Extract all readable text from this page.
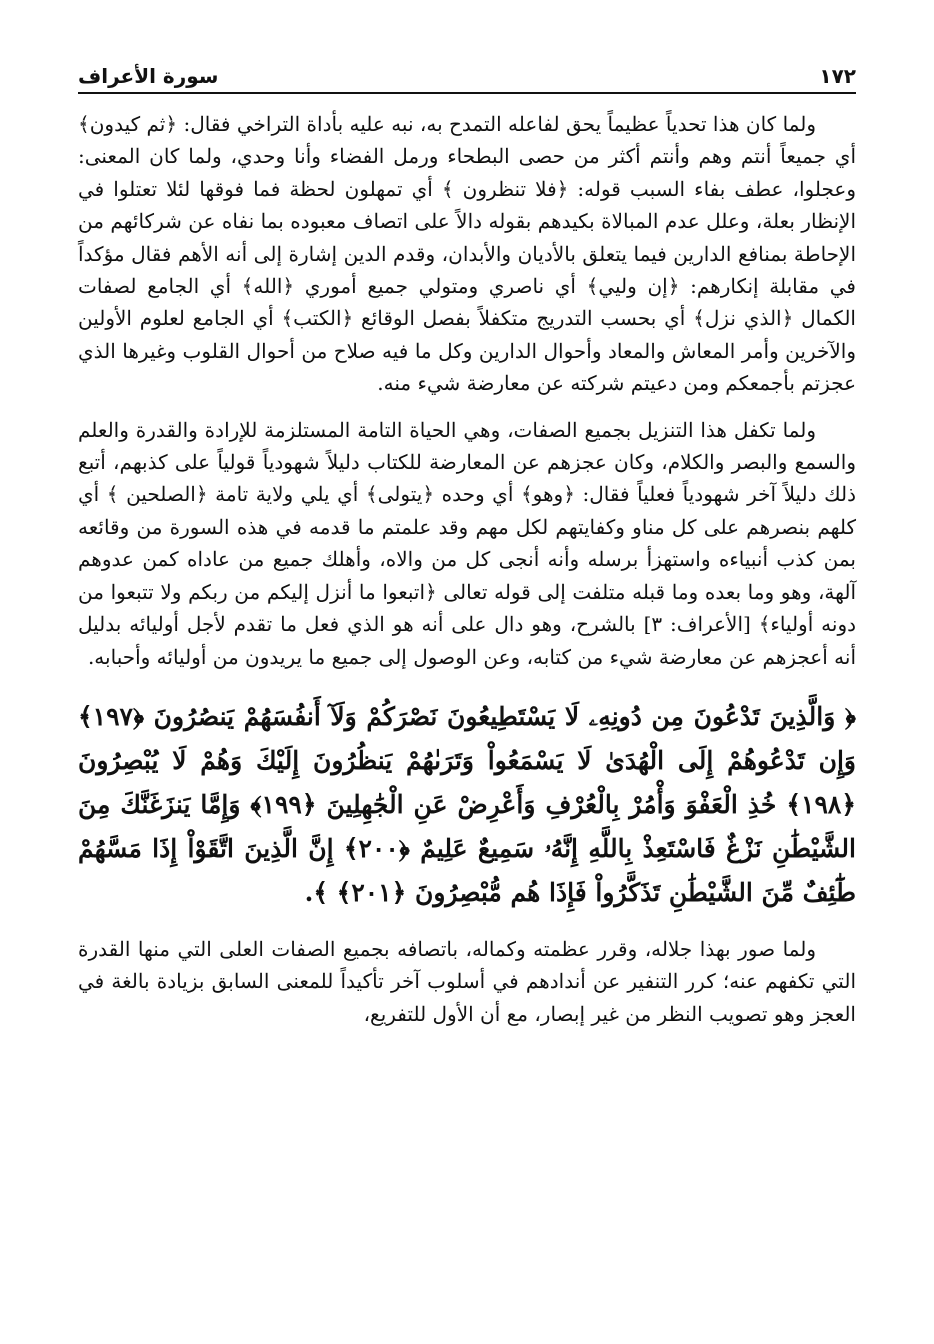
سورة الأعراف	١٧٢

ولما كان هذا تحدياً عظيماً يحق لفاعله التمدح به، نبه عليه بأداة التراخي فقال: ﴿ثم كيدون﴾ أي جميعاً أنتم وهم وأنتم أكثر من حصى البطحاء ورمل الفضاء وأنا وحدي، ولما كان المعنى: وعجلوا، عطف بفاء السبب قوله: ﴿فلا تنظرون ﴾ أي تمهلون لحظة فما فوقها لئلا تعتلوا في الإنظار بعلة، وعلل عدم المبالاة بكيدهم بقوله دالاً على اتصاف معبوده بما نفاه عن شركائهم من الإحاطة بمنافع الدارين فيما يتعلق بالأديان والأبدان، وقدم الدين إشارة إلى أنه الأهم فقال مؤكداً في مقابلة إنكارهم: ﴿إن وليي﴾ أي ناصري ومتولي جميع أموري ﴿الله﴾ أي الجامع لصفات الكمال ﴿الذي نزل﴾ أي بحسب التدريج متكفلاً بفصل الوقائع ﴿الكتب﴾ أي الجامع لعلوم الأولين والآخرين وأمر المعاش والمعاد وأحوال الدارين وكل ما فيه صلاح من أحوال القلوب وغيرها الذي عجزتم بأجمعكم ومن دعيتم شركته عن معارضة شيء منه.

ولما تكفل هذا التنزيل بجميع الصفات، وهي الحياة التامة المستلزمة للإرادة والقدرة والعلم والسمع والبصر والكلام، وكان عجزهم عن المعارضة للكتاب دليلاً شهودياً قولياً على كذبهم، أتبع ذلك دليلاً آخر شهودياً فعلياً فقال: ﴿وهو﴾ أي وحده ﴿يتولى﴾ أي يلي ولاية تامة ﴿الصلحين ﴾ أي كلهم بنصرهم على كل مناو وكفايتهم لكل مهم وقد علمتم ما قدمه في هذه السورة من وقائعه بمن كذب أنبياءه واستهزأ برسله وأنه أنجى كل من والاه، وأهلك جميع من عاداه كمن عدوهم آلهة، وهو وما بعده وما قبله متلفت إلى قوله تعالى ﴿اتبعوا ما أنزل إليكم من ربكم ولا تتبعوا من دونه أولياء﴾ [الأعراف: ٣] بالشرح، وهو دال على أنه هو الذي فعل ما تقدم لأجل أوليائه بدليل أنه أعجزهم عن معارضة شيء من كتابه، وعن الوصول إلى جميع ما يريدون من أوليائه وأحبابه.

﴿ وَالَّذِينَ تَدْعُونَ مِن دُونِهِۦ لَا يَسْتَطِيعُونَ نَصْرَكُمْ وَلَآ أَنفُسَهُمْ يَنصُرُونَ ﴿١٩٧﴾ وَإِن تَدْعُوهُمْ إِلَى الْهُدَىٰ لَا يَسْمَعُواْ وَتَرَىٰهُمْ يَنظُرُونَ إِلَيْكَ وَهُمْ لَا يُبْصِرُونَ ﴿١٩٨﴾ خُذِ الْعَفْوَ وَأْمُرْ بِالْعُرْفِ وَأَعْرِضْ عَنِ الْجَٰهِلِينَ ﴿١٩٩﴾ وَإِمَّا يَنزَغَنَّكَ مِنَ الشَّيْطَٰنِ نَزْغٌ فَاسْتَعِذْ بِاللَّهِ إِنَّهُۥ سَمِيعٌ عَلِيمٌ ﴿٢٠٠﴾ إِنَّ الَّذِينَ اتَّقَوْاْ إِذَا مَسَّهُمْ طَٰٓئِفٌ مِّنَ الشَّيْطَٰنِ تَذَكَّرُواْ فَإِذَا هُم مُّبْصِرُونَ ﴿٢٠١﴾ ﴾.

ولما صور بهذا جلاله، وقرر عظمته وكماله، باتصافه بجميع الصفات العلى التي منها القدرة التي تكفهم عنه؛ كرر التنفير عن أندادهم في أسلوب آخر تأكيداً للمعنى السابق بزيادة بالغة في العجز وهو تصويب النظر من غير إبصار، مع أن الأول للتفريع،
